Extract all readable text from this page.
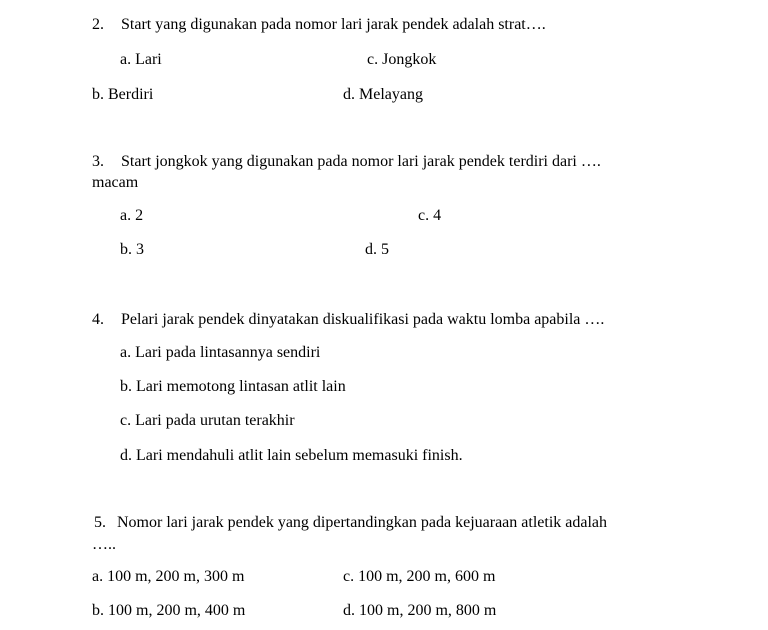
2. Start yang digunakan pada nomor lari jarak pendek adalah strat….
a. Lari	c. Jongkok
b. Berdiri	d. Melayang
3. Start jongkok yang digunakan pada nomor lari jarak pendek terdiri dari ….
macam
a. 2	c. 4
b. 3	d. 5
4. Pelari jarak pendek dinyatakan diskualifikasi pada waktu lomba apabila ….
a. Lari pada lintasannya sendiri
b. Lari memotong lintasan atlit lain
c. Lari pada urutan terakhir
d. Lari mendahuli atlit lain sebelum memasuki finish.
5. Nomor lari jarak pendek yang dipertandingkan pada kejuaraan atletik adalah
…..
a. 100 m, 200 m, 300 m	c. 100 m, 200 m, 600 m
b. 100 m, 200 m, 400 m	d. 100 m, 200 m, 800 m
